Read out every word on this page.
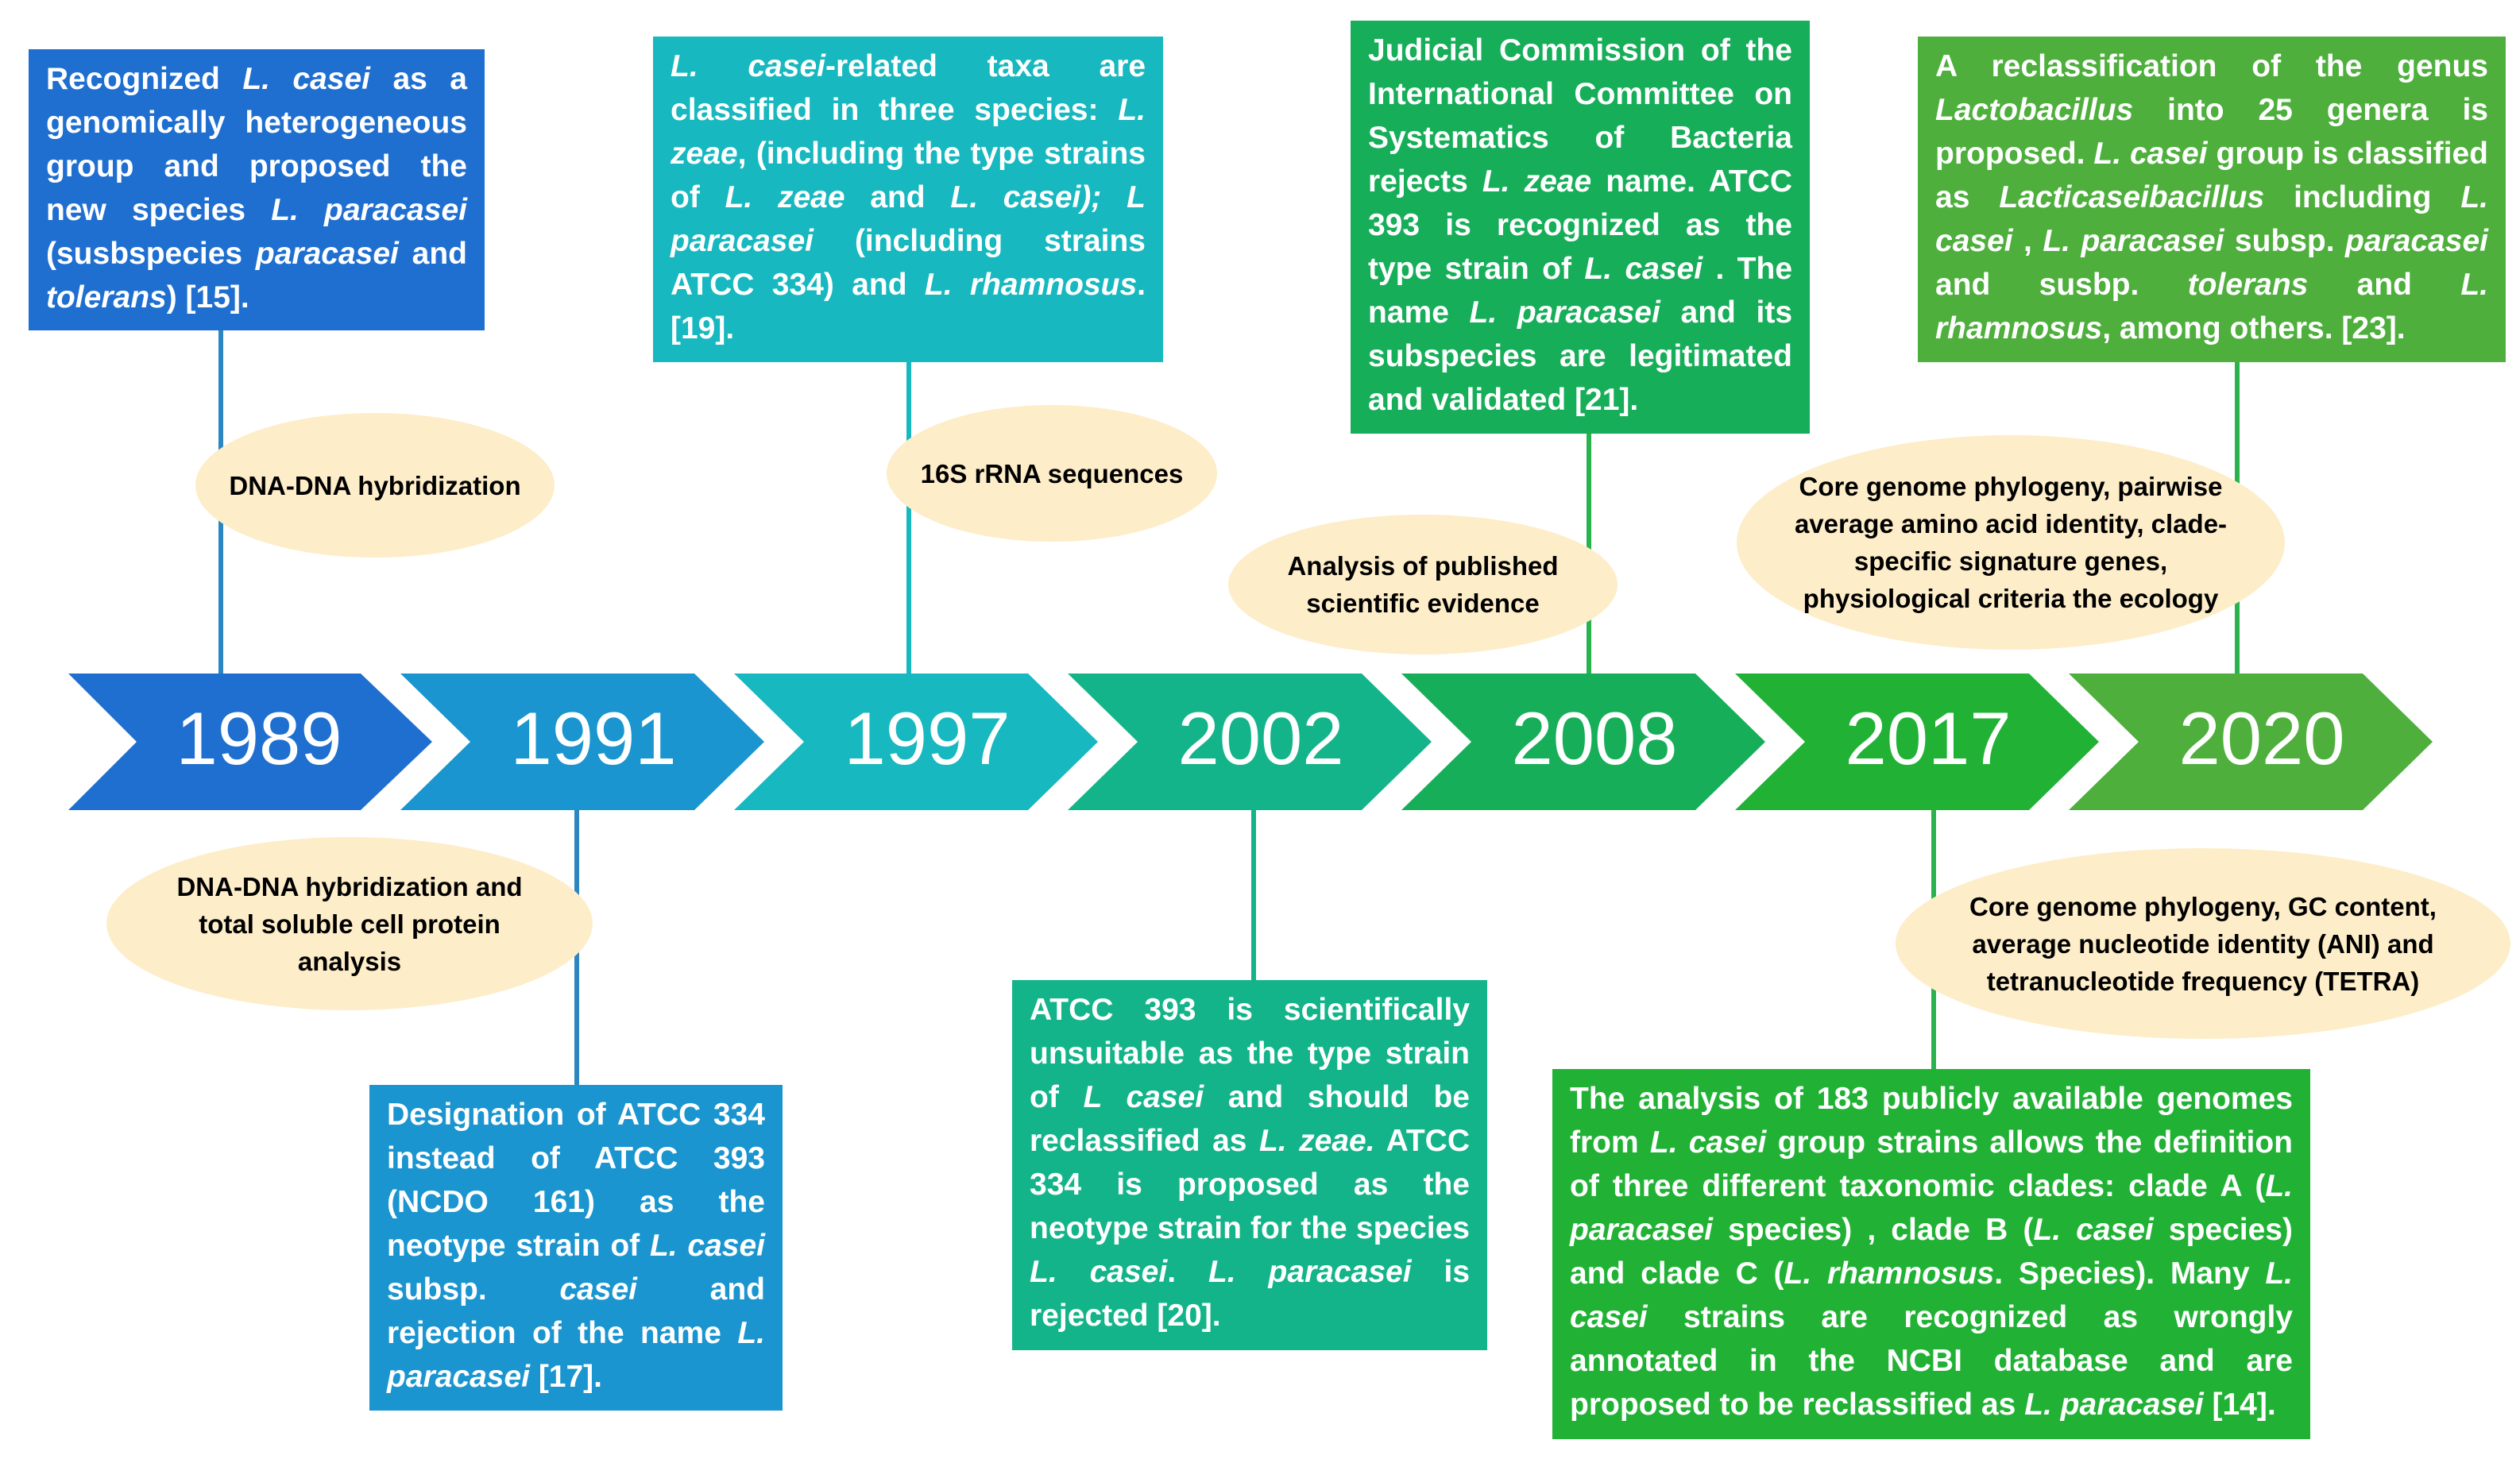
DNA-DNA hybridization
DNA-DNA hybridization and total soluble cell protein analysis
16S rRNA sequences
Analysis of published scientific evidence
Core genome phylogeny, GC content, average nucleotide identity (ANI) and tetranucleotide frequency (TETRA)
Core genome phylogeny, pairwise average amino acid identity, clade-specific signature genes, physiological criteria the ecology
1989 1991 1997 2002 2008 2017 2020
Recognized L. casei as a genomically heterogeneous group and proposed the new species L. paracasei (susbspecies paracasei and tolerans) [15].
Designation of ATCC 334 instead of ATCC 393 (NCDO 161) as the neotype strain of L. casei subsp. casei and rejection of the name L. paracasei [17].
L. casei-related taxa are classified in three species: L. zeae, (including the type strains of L. zeae and L. casei); L paracasei (including strains ATCC 334) and L. rhamnosus. [19].
ATCC 393 is scientifically unsuitable as the type strain of L casei and should be reclassified as L. zeae. ATCC 334 is proposed as the neotype strain for the species L. casei. L. paracasei is rejected [20].
Judicial Commission of the International Committee on Systematics of Bacteria rejects L. zeae name. ATCC 393 is recognized as the type strain of L. casei . The name L. paracasei and its subspecies are legitimated and validated [21].
The analysis of 183 publicly available genomes from L. casei group strains allows the definition of three different taxonomic clades: clade A (L. paracasei species) , clade B (L. casei species) and clade C (L. rhamnosus. Species). Many L. casei strains are recognized as wrongly annotated in the NCBI database and are proposed to be reclassified as L. paracasei [14].
A reclassification of the genus Lactobacillus into 25 genera is proposed. L. casei group is classified as Lacticaseibacillus including L. casei , L. paracasei subsp. paracasei and susbp. tolerans and L. rhamnosus, among others. [23].
